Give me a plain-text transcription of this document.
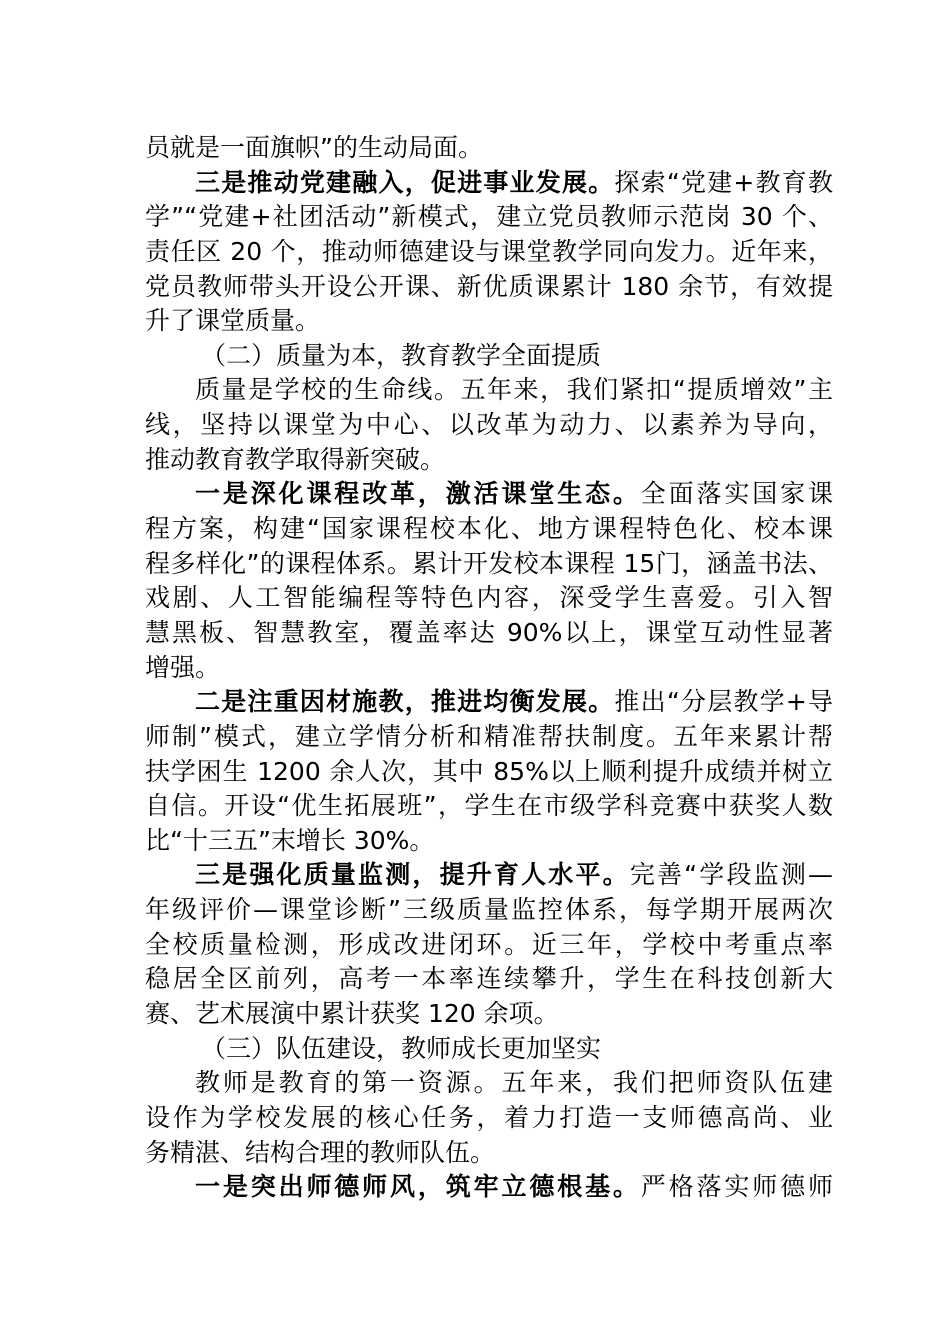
员就是一面旗帜”的生动局面。
三是推动党建融入，促进事业发展。探索“党建+教育教
学”“党建+社团活动”新模式，建立党员教师示范岗 30 个、
责任区 20 个，推动师德建设与课堂教学同向发力。近年来，
党员教师带头开设公开课、新优质课累计 180 余节，有效提
升了课堂质量。
（二）质量为本，教育教学全面提质
质量是学校的生命线。五年来，我们紧扣“提质增效”主
线，坚持以课堂为中心、以改革为动力、以素养为导向，
推动教育教学取得新突破。
一是深化课程改革，激活课堂生态。全面落实国家课
程方案，构建“国家课程校本化、地方课程特色化、校本课
程多样化”的课程体系。累计开发校本课程 15门，涵盖书法、
戏剧、人工智能编程等特色内容，深受学生喜爱。引入智
慧黑板、智慧教室，覆盖率达 90%以上，课堂互动性显著
增强。
二是注重因材施教，推进均衡发展。推出“分层教学+导
师制”模式，建立学情分析和精准帮扶制度。五年来累计帮
扶学困生 1200 余人次，其中 85%以上顺利提升成绩并树立
自信。开设“优生拓展班”，学生在市级学科竞赛中获奖人数
比“十三五”末增长 30%。
三是强化质量监测，提升育人水平。完善“学段监测—
年级评价—课堂诊断”三级质量监控体系，每学期开展两次
全校质量检测，形成改进闭环。近三年，学校中考重点率
稳居全区前列，高考一本率连续攀升，学生在科技创新大
赛、艺术展演中累计获奖 120 余项。
（三）队伍建设，教师成长更加坚实
教师是教育的第一资源。五年来，我们把师资队伍建
设作为学校发展的核心任务，着力打造一支师德高尚、业
务精湛、结构合理的教师队伍。
一是突出师德师风，筑牢立德根基。严格落实师德师
